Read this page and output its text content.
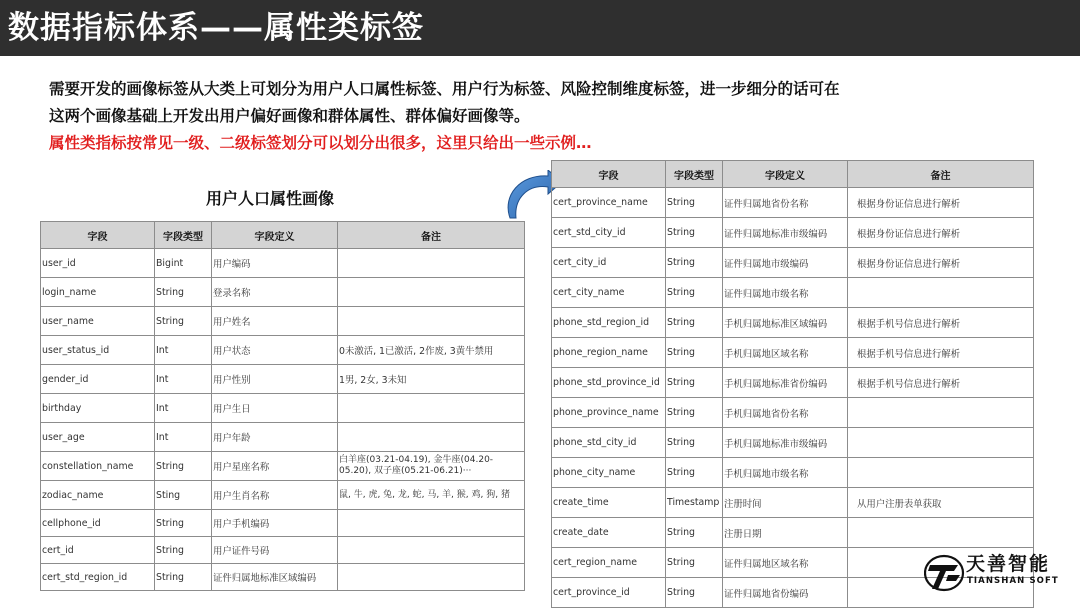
数据指标体系——属性类标签

需要开发的画像标签从大类上可划分为用户人口属性标签、用户行为标签、风险控制维度标签，进一步细分的话可在

这两个画像基础上开发出用户偏好画像和群体属性、群体偏好画像等。

属性类指标按常见一级、二级标签划分可以划分出很多，这里只给出一些示例…

用户人口属性画像
字段	字段类型	字段定义	备注
user_id	Bigint	用户编码	
login_name	String	登录名称	
user_name	String	用户姓名	
user_status_id	Int	用户状态	0未激活, 1已激活, 2作废, 3黄牛禁用
gender_id	Int	用户性别	1男, 2女, 3未知
birthday	Int	用户生日	
user_age	Int	用户年龄	
constellation_name	String	用户星座名称	白羊座(03.21-04.19), 金牛座(04.20-05.20), 双子座(05.21-06.21)···
zodiac_name	Sting	用户生肖名称	鼠, 牛, 虎, 兔, 龙, 蛇, 马, 羊, 猴, 鸡, 狗, 猪
cellphone_id	String	用户手机编码	
cert_id	String	用户证件号码	
cert_std_region_id	String	证件归属地标准区域编码	
字段	字段类型	字段定义	备注
cert_province_name	String	证件归属地省份名称	根据身份证信息进行解析
cert_std_city_id	String	证件归属地标准市级编码	根据身份证信息进行解析
cert_city_id	String	证件归属地市级编码	根据身份证信息进行解析
cert_city_name	String	证件归属地市级名称	
phone_std_region_id	String	手机归属地标准区域编码	根据手机号信息进行解析
phone_region_name	String	手机归属地区域名称	根据手机号信息进行解析
phone_std_province_id	String	手机归属地标准省份编码	根据手机号信息进行解析
phone_province_name	String	手机归属地省份名称	
phone_std_city_id	String	手机归属地标准市级编码	
phone_city_name	String	手机归属地市级名称	
create_time	Timestamp	注册时间	从用户注册表单获取
create_date	String	注册日期	
cert_region_name	String	证件归属地区域名称	
cert_province_id	String	证件归属地省份编码	
天善智能
TIANSHAN SOFT
